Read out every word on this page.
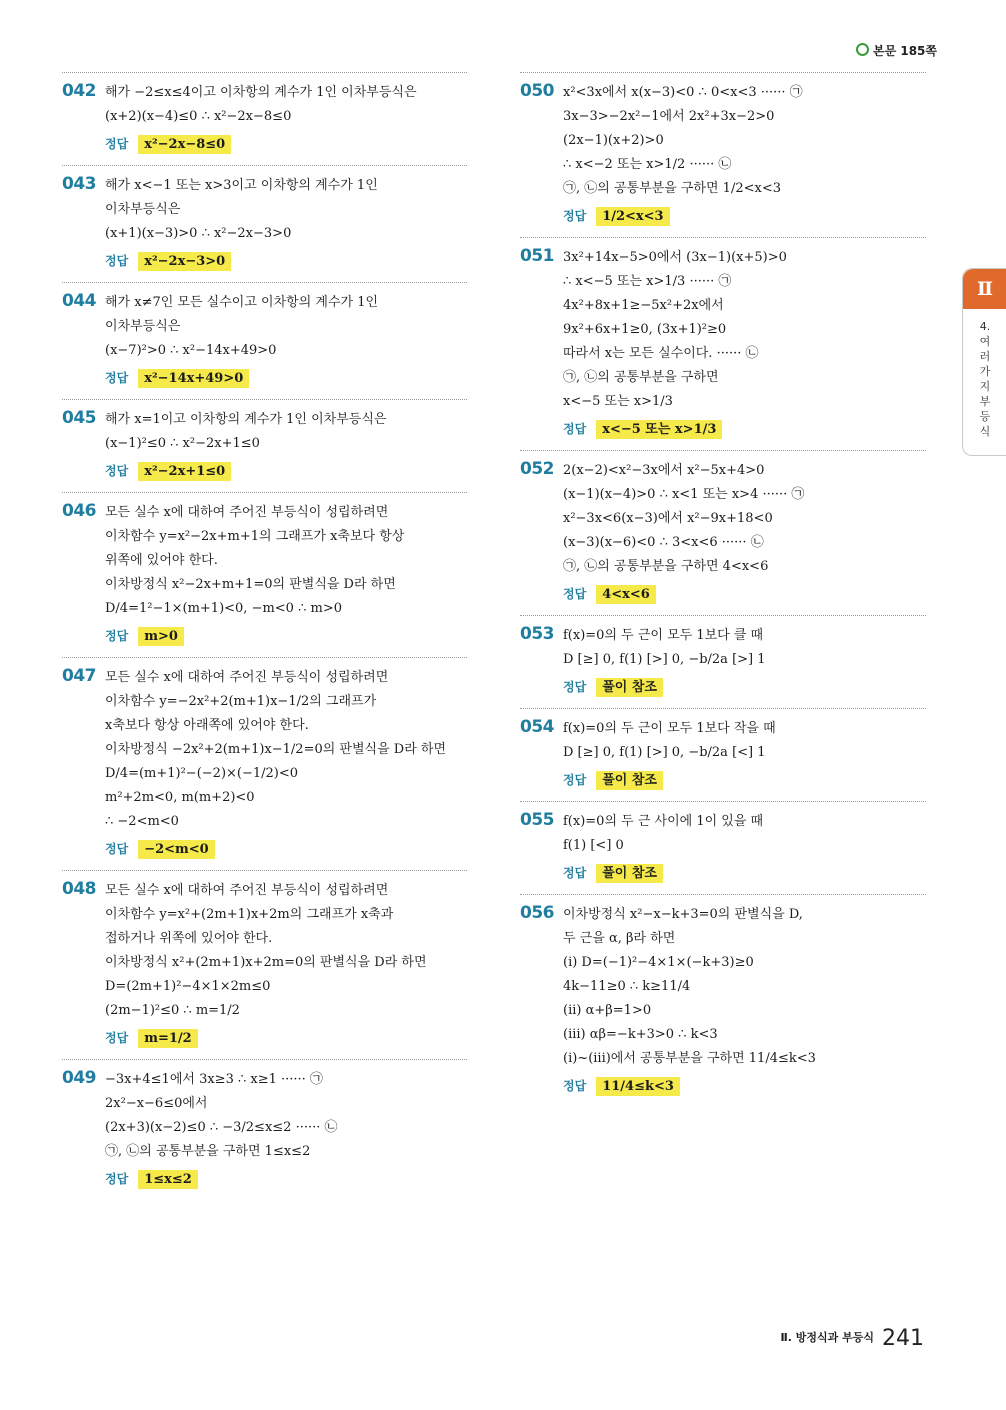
본문 185쪽
042 해가 −2≤x≤4이고 이차항의 계수가 1인 이차부등식은
(x+2)(x−4)≤0 ∴ x²−2x−8≤0
정답 x²−2x−8≤0
043 해가 x<−1 또는 x>3이고 이차항의 계수가 1인
이차부등식은
(x+1)(x−3)>0 ∴ x²−2x−3>0
정답 x²−2x−3>0
044 해가 x≠7인 모든 실수이고 이차항의 계수가 1인
이차부등식은
(x−7)²>0 ∴ x²−14x+49>0
정답 x²−14x+49>0
045 해가 x=1이고 이차항의 계수가 1인 이차부등식은
(x−1)²≤0 ∴ x²−2x+1≤0
정답 x²−2x+1≤0
046 모든 실수 x에 대하여 주어진 부등식이 성립하려면
이차함수 y=x²−2x+m+1의 그래프가 x축보다 항상
위쪽에 있어야 한다.
이차방정식 x²−2x+m+1=0의 판별식을 D라 하면
D/4=1²−1×(m+1)<0, −m<0 ∴ m>0
정답 m>0
047 모든 실수 x에 대하여 주어진 부등식이 성립하려면
이차함수 y=−2x²+2(m+1)x−1/2의 그래프가
x축보다 항상 아래쪽에 있어야 한다.
이차방정식 −2x²+2(m+1)x−1/2=0의 판별식을 D라 하면
D/4=(m+1)²−(−2)×(−1/2)<0
m²+2m<0, m(m+2)<0
∴ −2<m<0
정답 −2<m<0
048 모든 실수 x에 대하여 주어진 부등식이 성립하려면
이차함수 y=x²+(2m+1)x+2m의 그래프가 x축과
접하거나 위쪽에 있어야 한다.
이차방정식 x²+(2m+1)x+2m=0의 판별식을 D라 하면
D=(2m+1)²−4×1×2m≤0
(2m−1)²≤0 ∴ m=1/2
정답 m=1/2
049 −3x+4≤1에서 3x≥3 ∴ x≥1 ······ ㉠
2x²−x−6≤0에서
(2x+3)(x−2)≤0 ∴ −3/2≤x≤2 ······ ㉡
㉠, ㉡의 공통부분을 구하면 1≤x≤2
정답 1≤x≤2
050 x²<3x에서 x(x−3)<0 ∴ 0<x<3 ······ ㉠
3x−3>−2x²−1에서 2x²+3x−2>0
(2x−1)(x+2)>0
∴ x<−2 또는 x>1/2 ······ ㉡
㉠, ㉡의 공통부분을 구하면 1/2<x<3
정답 1/2<x<3
051 3x²+14x−5>0에서 (3x−1)(x+5)>0
∴ x<−5 또는 x>1/3 ······ ㉠
4x²+8x+1≥−5x²+2x에서
9x²+6x+1≥0, (3x+1)²≥0
따라서 x는 모든 실수이다. ······ ㉡
㉠, ㉡의 공통부분을 구하면
x<−5 또는 x>1/3
정답 x<−5 또는 x>1/3
052 2(x−2)<x²−3x에서 x²−5x+4>0
(x−1)(x−4)>0 ∴ x<1 또는 x>4 ······ ㉠
x²−3x<6(x−3)에서 x²−9x+18<0
(x−3)(x−6)<0 ∴ 3<x<6 ······ ㉡
㉠, ㉡의 공통부분을 구하면 4<x<6
정답 4<x<6
053 f(x)=0의 두 근이 모두 1보다 클 때
D [≥] 0, f(1) [>] 0, −b/2a [>] 1
정답 풀이 참조
054 f(x)=0의 두 근이 모두 1보다 작을 때
D [≥] 0, f(1) [>] 0, −b/2a [<] 1
정답 풀이 참조
055 f(x)=0의 두 근 사이에 1이 있을 때
f(1) [<] 0
정답 풀이 참조
056 이차방정식 x²−x−k+3=0의 판별식을 D,
두 근을 α, β라 하면
(i) D=(−1)²−4×1×(−k+3)≥0
4k−11≥0 ∴ k≥11/4
(ii) α+β=1>0
(iii) αβ=−k+3>0 ∴ k<3
(i)~(iii)에서 공통부분을 구하면 11/4≤k<3
정답 11/4≤k<3
Ⅱ
4.여러가지부등식
$^{Ⅱ. 방정식과 부등식}$ 241
